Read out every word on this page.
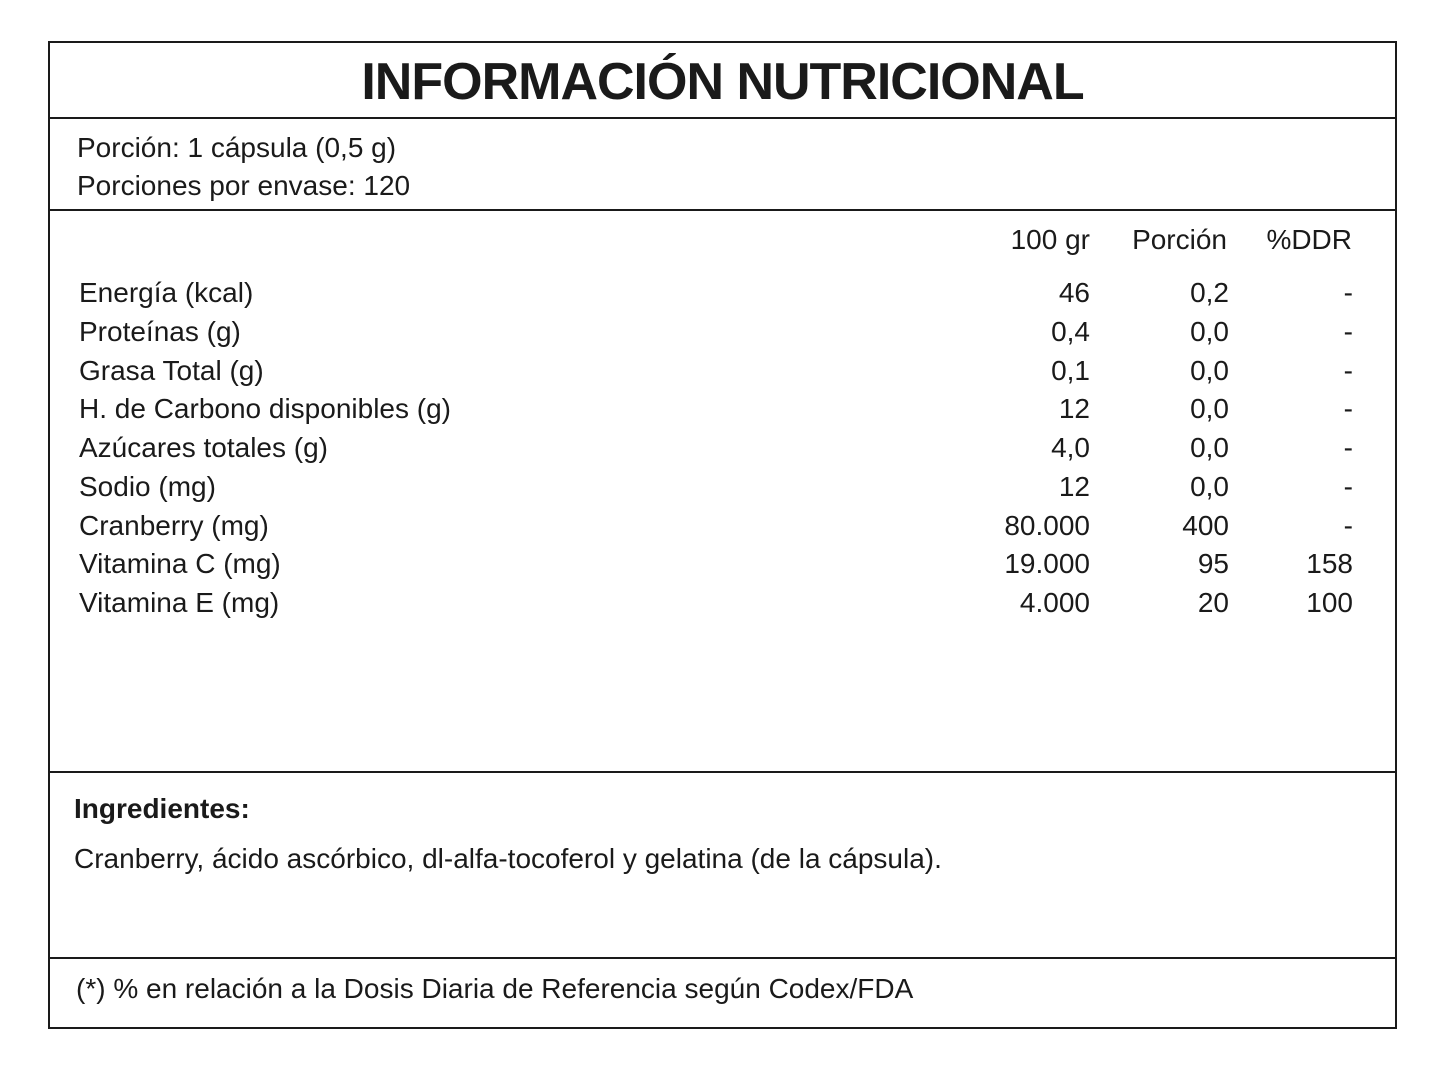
INFORMACIÓN NUTRICIONAL
Porción: 1 cápsula (0,5 g)
Porciones por envase: 120
100 gr Porción %DDR
Energía (kcal)	46	0,2	-
Proteínas (g)	0,4	0,0	-
Grasa Total (g)	0,1	0,0	-
H. de Carbono disponibles (g)	12	0,0	-
Azúcares totales (g)	4,0	0,0	-
Sodio (mg)	12	0,0	-
Cranberry (mg)	80.000	400	-
Vitamina C (mg)	19.000	95	158
Vitamina E (mg)	4.000	20	100
Ingredientes:
Cranberry, ácido ascórbico, dl-alfa-tocoferol y gelatina (de la cápsula).
(*) % en relación a la Dosis Diaria de Referencia según Codex/FDA
